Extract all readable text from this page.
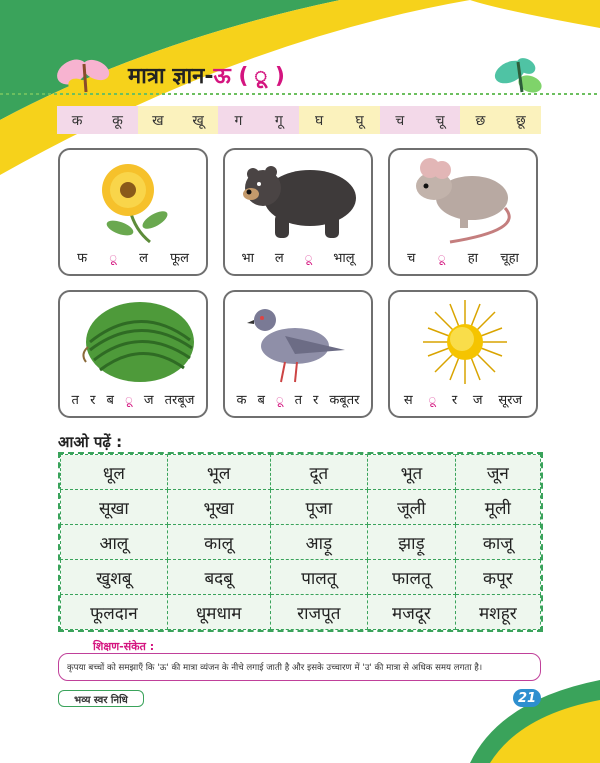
मात्रा ज्ञान-ऊ ( ू )
क	कू	ख	खू	ग	गू	घ	घू	च	चू	छ	छू
फ ू ल फूल	भा ल ू भालू	च ू हा चूहा
त र ब ू ज तरबूज	क ब ू त र कबूतर	स ू र ज सूरज
आओ पढ़ें :
धूल	भूल	दूत	भूत	जून
सूखा	भूखा	पूजा	जूली	मूली
आलू	कालू	आड़ू	झाड़ू	काजू
खुशबू	बदबू	पालतू	फालतू	कपूर
फूलदान	धूमधाम	राजपूत	मजदूर	मशहूर
शिक्षण-संकेत :
कृपया बच्चों को समझाएँ कि 'ऊ' की मात्रा व्यंजन के नीचे लगाई जाती है और इसके उच्चारण में 'उ' की मात्रा से अधिक समय लगता है।
भव्य स्वर निधि	21
